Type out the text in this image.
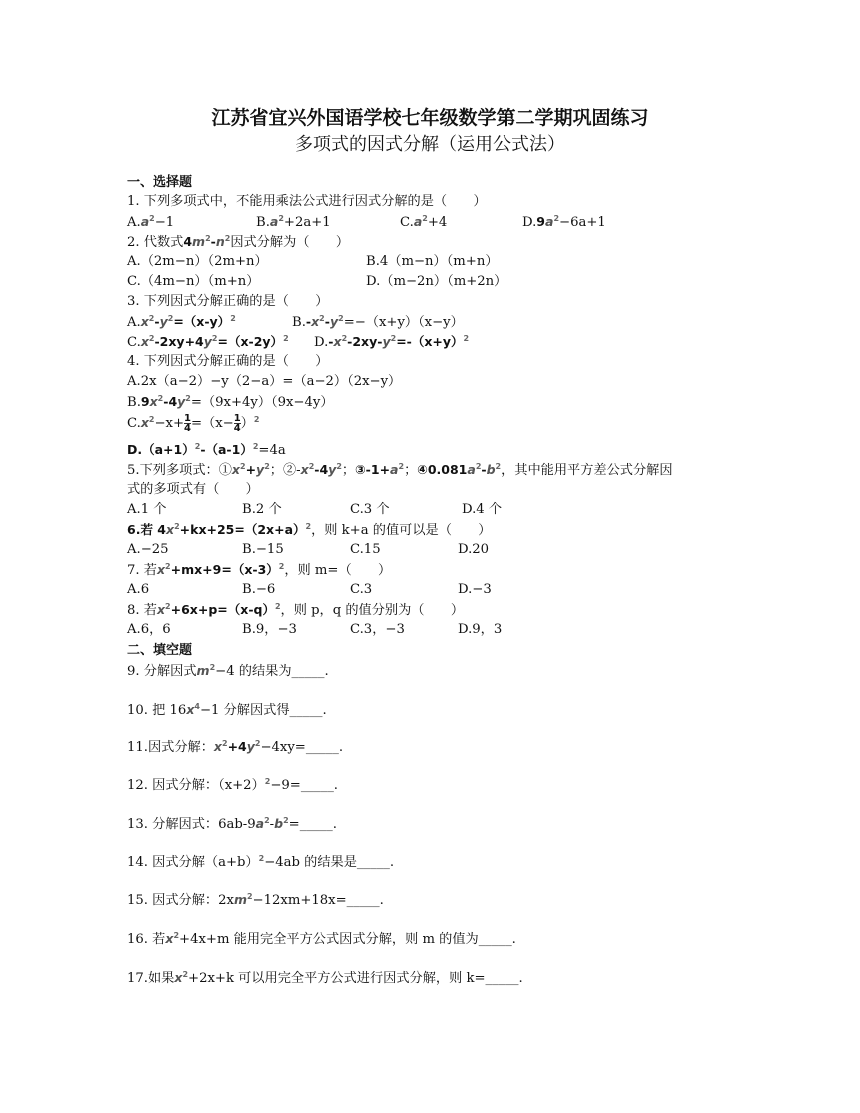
江苏省宜兴外国语学校七年级数学第二学期巩固练习
多项式的因式分解（运用公式法）
一、选择题
1. 下列多项式中，不能用乘法公式进行因式分解的是（　　）
$A.a^2-1$	$B.a^2+2a+1$	$C.a^2+4$	$D.9a^2-6a+1$
2. 代数式$4m^2-n^2$因式分解为（　　）
A.（2m−n）（2m+n）	B.4（m−n）（m+n）
C.（4m−n）（m+n）	D.（m−2n）（m+2n）
3. 下列因式分解正确的是（　　）
$A.x^2-y^2=(x-y)^2$	$B.-x^2-y^2=-(x+y)(x-y)$
$C.x^2-2xy+4y^2=(x-2y)^2$ $D.-x^2-2xy-y^2=-(x+y)^2$
4. 下列因式分解正确的是（　　）
A.2x（a−2）−y（2−a）=（a−2）（2x−y）
$B.9x^2-4y^2=(9x+4y)(9x-4y)$
$C.x^2-x+ \frac{1}{4} =(x- \frac{1}{4} )^2$
$D.(a+1)^2-(a-1)^2=4a$
5.下列多项式：$①x^2+y^2$；$②-x^2-4y^2$；$③-1+a^2$；$④0.081a^2-b^2$，其中能用平方差公式分解因
式的多项式有（　　）
A.1 个	B.2 个	C.3 个	D.4 个
6.若 $4x^2+kx+25=(2x+a)^2$，则 k+a 的值可以是（　　）
A.−25	B.−15	C.15	D.20
7. 若$x^2+mx+9=(x-3)^2$，则 m=（　　）
A.6	B.−6	C.3	D.−3
8. 若$x^2+6x+p=(x-q)^2$，则 p，q 的值分别为（　　）
A.6，6	B.9，−3	C.3，−3	D.9，3
二、填空题
9. 分解因式$m^2-4$ 的结果为_____.
10. 把 $16x^4-1$ 分解因式得_____.
11.因式分解：$x^2+4y^2-4xy=\_\_\_\_\_$.
12. 因式分解：$(x+2)^2-9=\_\_\_\_\_$.
13. 分解因式：$6ab-9a^2-b^2=\_\_\_\_\_$.
14. 因式分解$(a+b)^2-4ab$ 的结果是_____.
15. 因式分解：$2xm^2-12xm+18x=\_\_\_\_\_$.
16. 若$x^2+4x+m$ 能用完全平方公式因式分解，则 m 的值为_____.
17.如果$x^2+2x+k$ 可以用完全平方公式进行因式分解，则 k=_____.
